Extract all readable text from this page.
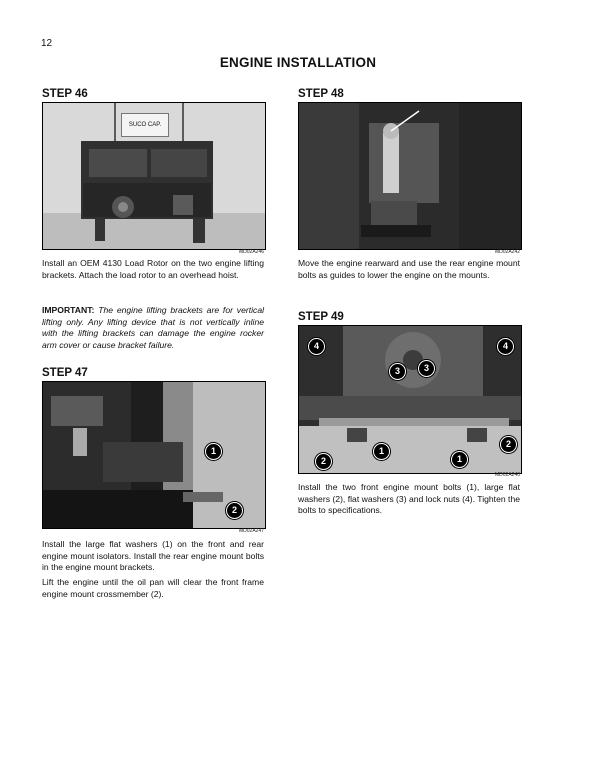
12
ENGINE INSTALLATION
STEP 46
SUCO CAP.
MD02A246
Install an OEM 4130 Load Rotor on the two engine lifting brackets. Attach the load rotor to an overhead hoist.
IMPORTANT: The engine lifting brackets are for vertical lifting only. Any lifting device that is not vertically inline with the lifting brackets can damage the engine rocker arm cover or cause bracket failure.
STEP 47
1
2
MD02A247
Install the large flat washers (1) on the front and rear engine mount isolators. Install the rear engine mount bolts in the engine mount brackets.
Lift the engine until the oil pan will clear the front frame engine mount crossmember (2).
STEP 48
MD02A242
Move the engine rearward and use the rear engine mount bolts as guides to lower the engine on the mounts.
STEP 49
4
3	3
4
1
2	1
2
MD02A240
Install the two front engine mount bolts (1), large flat washers (2), flat washers (3) and lock nuts (4). Tighten the bolts to specifications.
